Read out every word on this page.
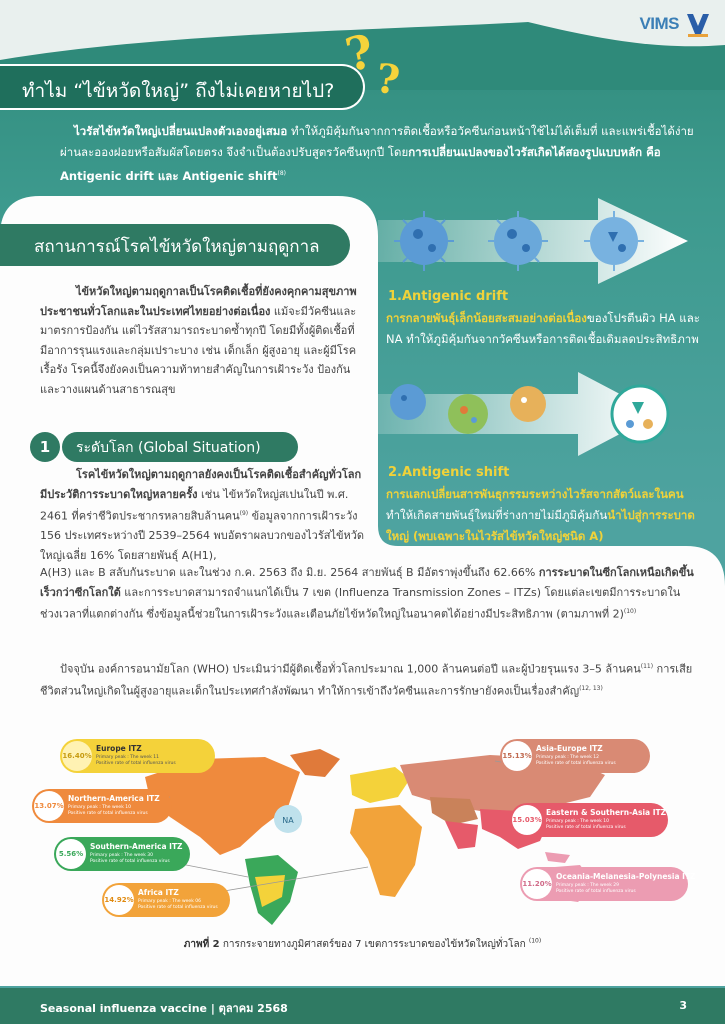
VIMS
ทำไม “ไข้หวัดใหญ่” ถึงไม่เคยหายไป?
?
?
ไวรัสไข้หวัดใหญ่เปลี่ยนแปลงตัวเองอยู่เสมอ ทำให้ภูมิคุ้มกันจากการติดเชื้อหรือวัคซีนก่อนหน้าใช้ไม่ได้เต็มที่ และแพร่เชื้อได้ง่ายผ่านละอองฝอยหรือสัมผัสโดยตรง จึงจำเป็นต้องปรับสูตรวัคซีนทุกปี โดยการเปลี่ยนแปลงของไวรัสเกิดได้สองรูปแบบหลัก คือ Antigenic drift และ Antigenic shift$^{(8)}$
สถานการณ์โรคไข้หวัดใหญ่ตามฤดูกาล
ไข้หวัดใหญ่ตามฤดูกาลเป็นโรคติดเชื้อที่ยังคงคุกคามสุขภาพประชาชนทั่วโลกและในประเทศไทยอย่างต่อเนื่อง แม้จะมีวัคซีนและมาตรการป้องกัน แต่ไวรัสสามารถระบาดซ้ำทุกปี โดยมีทั้งผู้ติดเชื้อที่มีอาการรุนแรงและกลุ่มเปราะบาง เช่น เด็กเล็ก ผู้สูงอายุ และผู้มีโรคเรื้อรัง โรคนี้จึงยังคงเป็นความท้าทายสำคัญในการเฝ้าระวัง ป้องกัน และวางแผนด้านสาธารณสุข
1.Antigenic drift
การกลายพันธุ์เล็กน้อยสะสมอย่างต่อเนื่องของโปรตีนผิว HA และ NA ทำให้ภูมิคุ้มกันจากวัคซีนหรือการติดเชื้อเดิมลดประสิทธิภาพ
2.Antigenic shift
การแลกเปลี่ยนสารพันธุกรรมระหว่างไวรัสจากสัตว์และในคน ทำให้เกิดสายพันธุ์ใหม่ที่ร่างกายไม่มีภูมิคุ้มกันนำไปสู่การระบาดใหญ่ (พบเฉพาะในไวรัสไข้หวัดใหญ่ชนิด A)
1	ระดับโลก (Global Situation)
โรคไข้หวัดใหญ่ตามฤดูกาลยังคงเป็นโรคติดเชื้อสำคัญทั่วโลก มีประวัติการระบาดใหญ่หลายครั้ง เช่น ไข้หวัดใหญ่สเปนในปี พ.ศ. 2461 ที่คร่าชีวิตประชากรหลายสิบล้านคน$^{(9)}$ ข้อมูลจากการเฝ้าระวัง 156 ประเทศระหว่างปี 2539–2564 พบอัตราผลบวกของไวรัสไข้หวัดใหญ่เฉลี่ย 16% โดยสายพันธุ์ A(H1),
A(H3) และ B สลับกันระบาด และในช่วง ก.ค. 2563 ถึง มิ.ย. 2564 สายพันธุ์ B มีอัตราพุ่งขึ้นถึง 62.66% การระบาดในซีกโลกเหนือเกิดขึ้นเร็วกว่าซีกโลกใต้ และการระบาดสามารถจำแนกได้เป็น 7 เขต (Influenza Transmission Zones – ITZs) โดยแต่ละเขตมีการระบาดในช่วงเวลาที่แตกต่างกัน ซึ่งข้อมูลนี้ช่วยในการเฝ้าระวังและเตือนภัยไข้หวัดใหญ่ในอนาคตได้อย่างมีประสิทธิภาพ (ตามภาพที่ 2)$^{(10)}$
ปัจจุบัน องค์การอนามัยโลก (WHO) ประเมินว่ามีผู้ติดเชื้อทั่วโลกประมาณ 1,000 ล้านคนต่อปี และผู้ป่วยรุนแรง 3–5 ล้านคน$^{(11)}$ การเสียชีวิตส่วนใหญ่เกิดในผู้สูงอายุและเด็กในประเทศกำลังพัฒนา ทำให้การเข้าถึงวัคซีนและการรักษายังคงเป็นเรื่องสำคัญ$^{(12, 13)}$
NA
16.40%
Europe ITZ
Primary peak : The week 11
Positive rate of total influenza virus
13.07%
Northern-America ITZ
Primary peak : The week 10
Positive rate of total influenza virus
5.56%
Southern-America ITZ
Primary peak : The week 30
Positive rate of total influenza virus
14.92%
Africa ITZ
Primary peak : The week 06
Positive rate of total influenza virus
15.13%
Asia-Europe ITZ
Primary peak : The week 12
Positive rate of total influenza virus
15.03%
Eastern & Southern-Asia ITZ
Primary peak : The week 10
Positive rate of total influenza virus
11.20%
Oceania-Melanesia-Polynesia ITZ
Primary peak : The week 29
Positive rate of total influenza virus
ภาพที่ 2 การกระจายทางภูมิศาสตร์ของ 7 เขตการระบาดของไข้หวัดใหญ่ทั่วโลก $^{(10)}$
Seasonal influenza vaccine | ตุลาคม 2568	3
